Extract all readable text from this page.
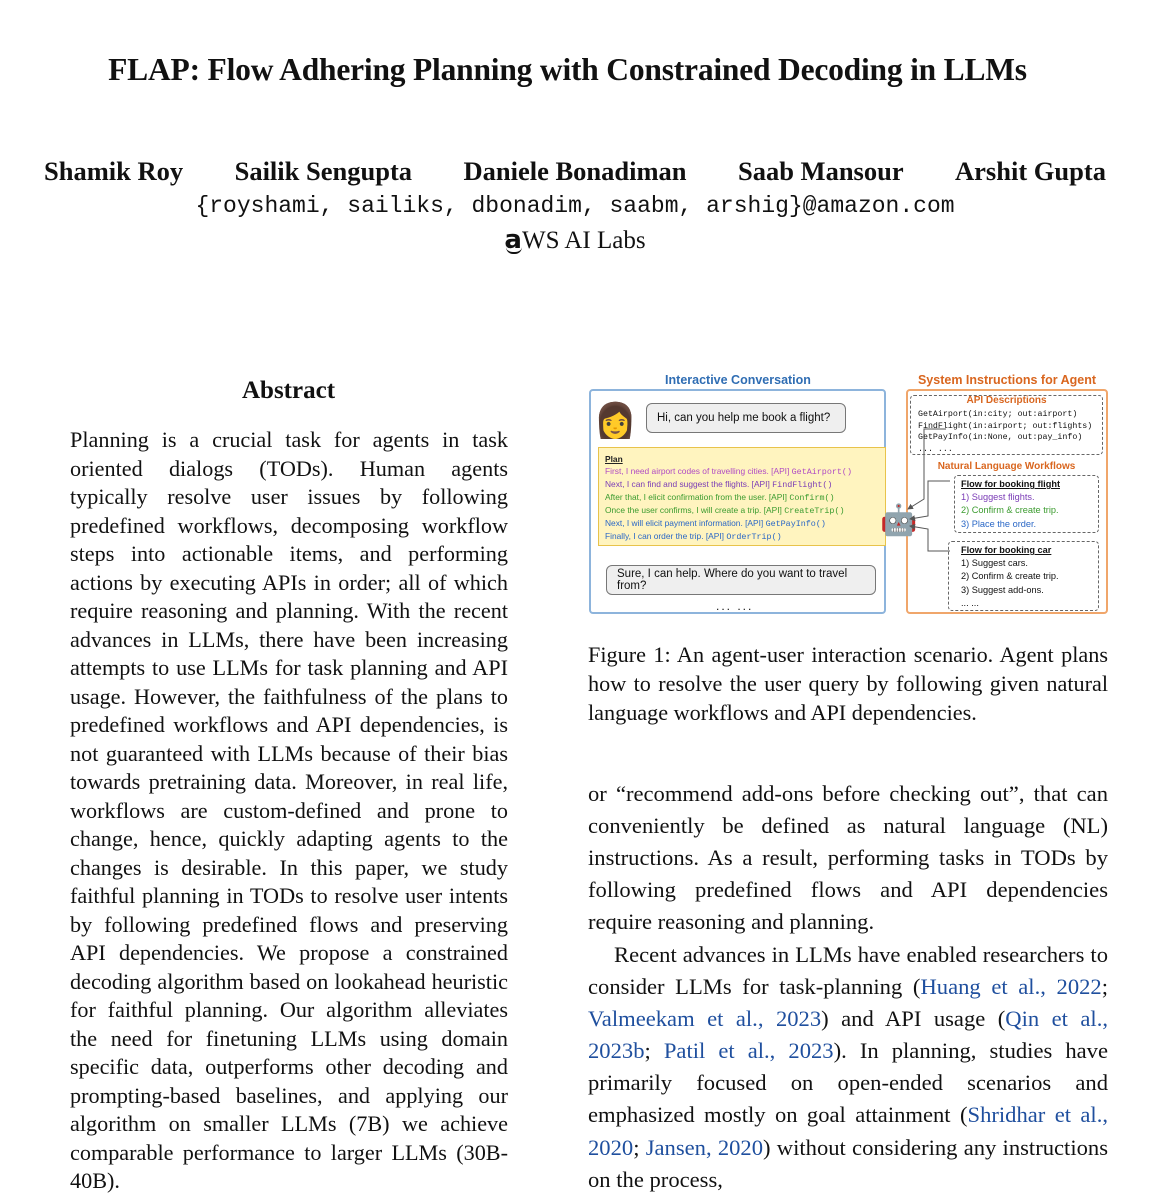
FLAP: Flow Adhering Planning with Constrained Decoding in LLMs
Shamik Roy Sailik Sengupta Daniele Bonadiman Saab Mansour Arshit Gupta
{royshami, sailiks, dbonadim, saabm, arshig}@amazon.com
aWS AI Labs
Abstract
Planning is a crucial task for agents in task oriented dialogs (TODs). Human agents typically resolve user issues by following predefined workflows, decomposing workflow steps into actionable items, and performing actions by executing APIs in order; all of which require reasoning and planning. With the recent advances in LLMs, there have been increasing attempts to use LLMs for task planning and API usage. However, the faithfulness of the plans to predefined workflows and API dependencies, is not guaranteed with LLMs because of their bias towards pretraining data. Moreover, in real life, workflows are custom-defined and prone to change, hence, quickly adapting agents to the changes is desirable. In this paper, we study faithful planning in TODs to resolve user intents by following predefined flows and preserving API dependencies. We propose a constrained decoding algorithm based on lookahead heuristic for faithful planning. Our algorithm alleviates the need for finetuning LLMs using domain specific data, outperforms other decoding and prompting-based baselines, and applying our algorithm on smaller LLMs (7B) we achieve comparable performance to larger LLMs (30B-40B).
Interactive Conversation	System Instructions for Agent
👩	Hi, can you help me book a flight?
Plan
First, I need airport codes of travelling cities. [API] GetAirport()
Next, I can find and suggest the flights. [API] FindFlight()
After that, I elicit confirmation from the user. [API] Confirm()
Once the user confirms, I will create a trip. [API] CreateTrip()
Next, I will elicit payment information. [API] GetPayInfo()
Finally, I can order the trip. [API] OrderTrip()
Sure, I can help. Where do you want to travel from?
... ...
🤖
API Descriptions
GetAirport(in:city; out:airport)
FindFlight(in:airport; out:flights)
GetPayInfo(in:None, out:pay_info)
... ...
Natural Language Workflows
Flow for booking flight
1) Suggest flights.
2) Confirm & create trip.
3) Place the order.
Flow for booking car
1) Suggest cars.
2) Confirm & create trip.
3) Suggest add-ons.
... ...
Figure 1: An agent-user interaction scenario. Agent plans how to resolve the user query by following given natural language workflows and API dependencies.
or “recommend add-ons before checking out”, that can conveniently be defined as natural language (NL) instructions. As a result, performing tasks in TODs by following predefined flows and API dependencies require reasoning and planning.
Recent advances in LLMs have enabled researchers to consider LLMs for task-planning (Huang et al., 2022; Valmeekam et al., 2023) and API usage (Qin et al., 2023b; Patil et al., 2023). In planning, studies have primarily focused on open-ended scenarios and emphasized mostly on goal attainment (Shridhar et al., 2020; Jansen, 2020) without considering any instructions on the process,
